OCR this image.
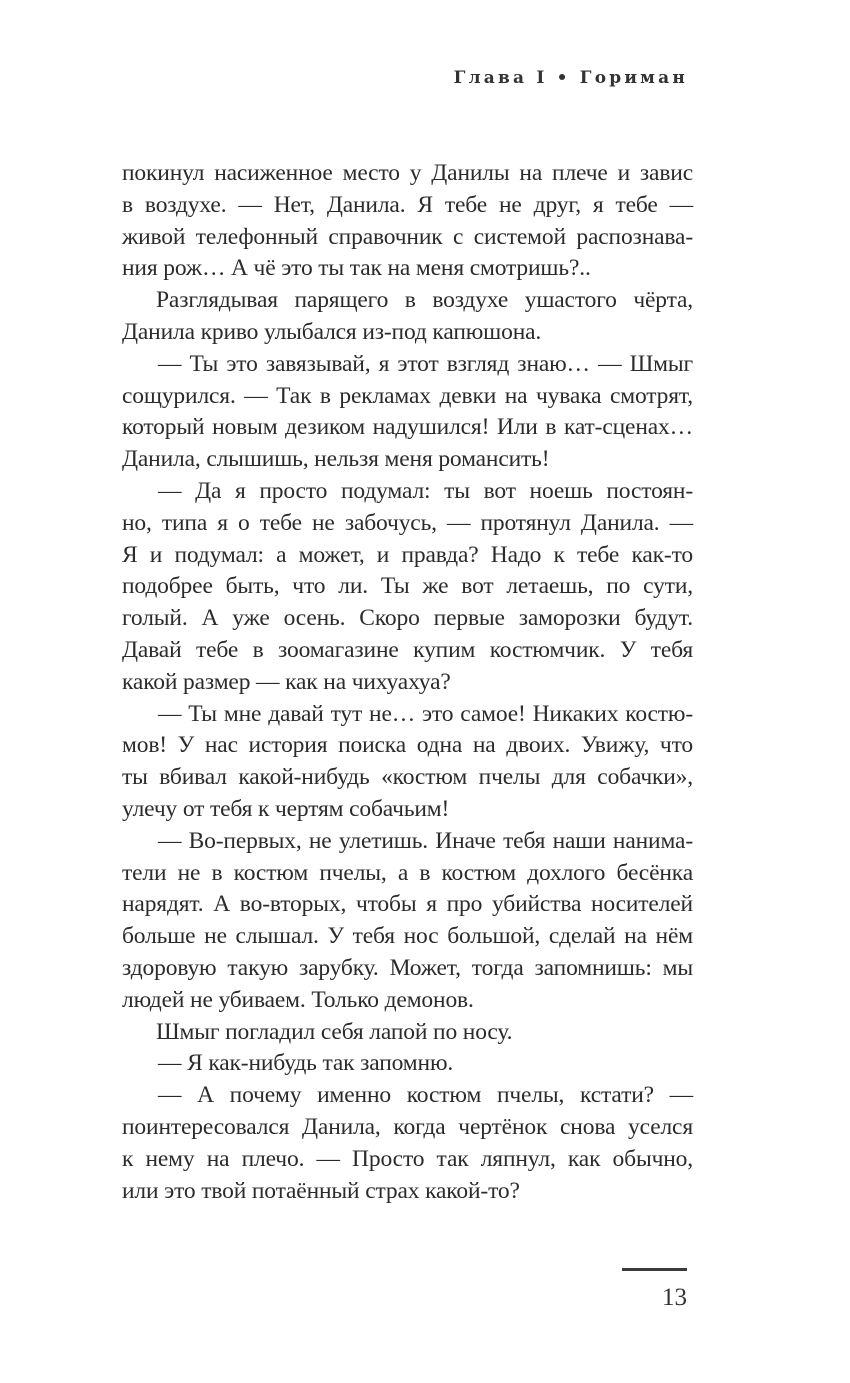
Глава I • Гориман
покинул насиженное место у Данилы на плече и завис
в воздухе. — Нет, Данила. Я тебе не друг, я тебе —
живой телефонный справочник с системой распознава-
ния рож… А чё это ты так на меня смотришь?..
Разглядывая парящего в воздухе ушастого чёрта,
Данила криво улыбался из-под капюшона.
— Ты это завязывай, я этот взгляд знаю… — Шмыг
сощурился. — Так в рекламах девки на чувака смотрят,
который новым дезиком надушился! Или в кат-сценах…
Данила, слышишь, нельзя меня романсить!
— Да я просто подумал: ты вот ноешь постоян-
но, типа я о тебе не забочусь, — протянул Данила. —
Я и подумал: а может, и правда? Надо к тебе как-то
подобрее быть, что ли. Ты же вот летаешь, по сути,
голый. А уже осень. Скоро первые заморозки будут.
Давай тебе в зоомагазине купим костюмчик. У тебя
какой размер — как на чихуахуа?
— Ты мне давай тут не… это самое! Никаких костю-
мов! У нас история поиска одна на двоих. Увижу, что
ты вбивал какой-нибудь «костюм пчелы для собачки»,
улечу от тебя к чертям собачьим!
— Во-первых, не улетишь. Иначе тебя наши нанима-
тели не в костюм пчелы, а в костюм дохлого бесёнка
нарядят. А во-вторых, чтобы я про убийства носителей
больше не слышал. У тебя нос большой, сделай на нём
здоровую такую зарубку. Может, тогда запомнишь: мы
людей не убиваем. Только демонов.
Шмыг погладил себя лапой по носу.
— Я как-нибудь так запомню.
— А почему именно костюм пчелы, кстати? —
поинтересовался Данила, когда чертёнок снова уселся
к нему на плечо. — Просто так ляпнул, как обычно,
или это твой потаённый страх какой-то?
13
